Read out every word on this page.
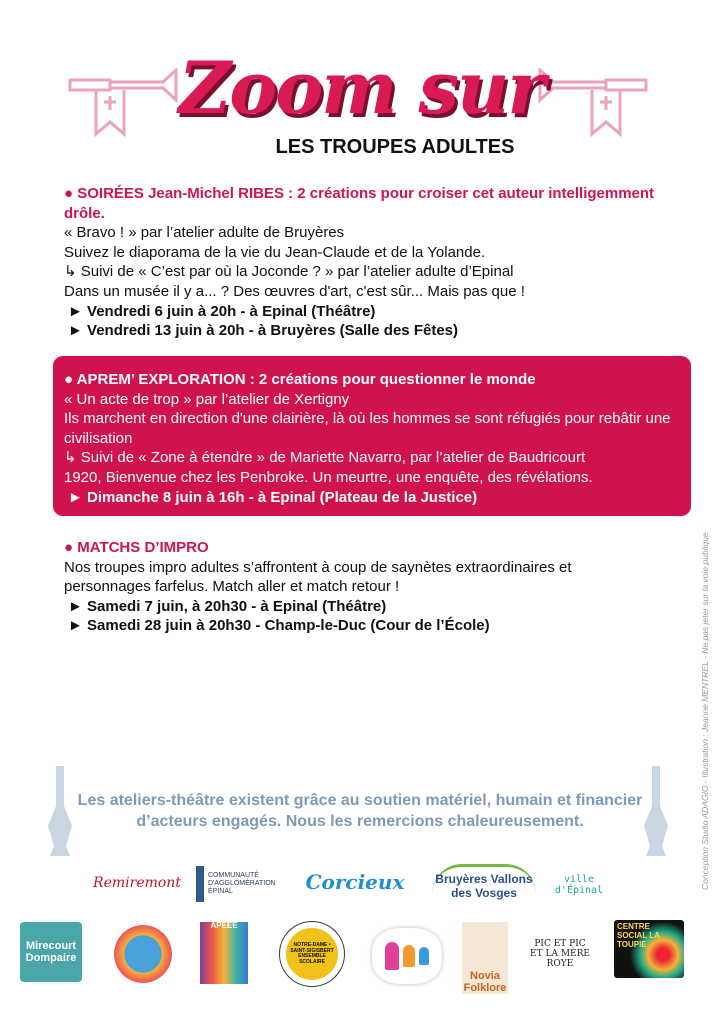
Zoom sur
LES TROUPES ADULTES
● SOIRÉES Jean-Michel RIBES : 2 créations pour croiser cet auteur intelligemment drôle.
« Bravo ! » par l’atelier adulte de Bruyères
Suivez le diaporama de la vie du Jean-Claude et de la Yolande.
↳ Suivi de « C’est par où la Joconde ? » par l’atelier adulte d’Epinal
Dans un musée il y a... ? Des œuvres d'art, c'est sûr... Mais pas que !
► Vendredi 6 juin à 20h - à Epinal (Théâtre)
► Vendredi 13 juin à 20h - à Bruyères (Salle des Fêtes)
● APREM’ EXPLORATION : 2 créations pour questionner le monde
« Un acte de trop » par l’atelier de Xertigny
Ils marchent en direction d'une clairière, là où les hommes se sont réfugiés pour rebâtir une civilisation
↳ Suivi de « Zone à étendre » de Mariette Navarro, par l’atelier de Baudricourt
1920, Bienvenue chez les Penbroke. Un meurtre, une enquête, des révélations.
► Dimanche 8 juin à 16h - à Epinal (Plateau de la Justice)
● MATCHS D’IMPRO
Nos troupes impro adultes s’affrontent à coup de saynètes extraordinaires et personnages farfelus. Match aller et match retour !
► Samedi 7 juin, à 20h30 - à Epinal (Théâtre)
► Samedi 28 juin à 20h30 - Champ-le-Duc (Cour de l’École)	Conception Studio ADAGIO - Illustration : Jeanne MENTREL - Ne pas jeter sur la voie publique
Les ateliers-théâtre existent grâce au soutien matériel, humain et financier d’acteurs engagés. Nous les remercions chaleureusement.
Remiremont	COMMUNAUTÉ D'AGGLOMÉRATION ÉPINAL	Corcieux	Bruyères Vallons des Vosges
ville d'Épinal
Mirecourt Dompaire
APEEE
NOTRE-DAME • SAINT-SIGISBERT ENSEMBLE SCOLAIRE
Novia Folklore
PIC ET PIC ET LA MÈRE ROYE
CENTRE SOCIAL LA TOUPIE
